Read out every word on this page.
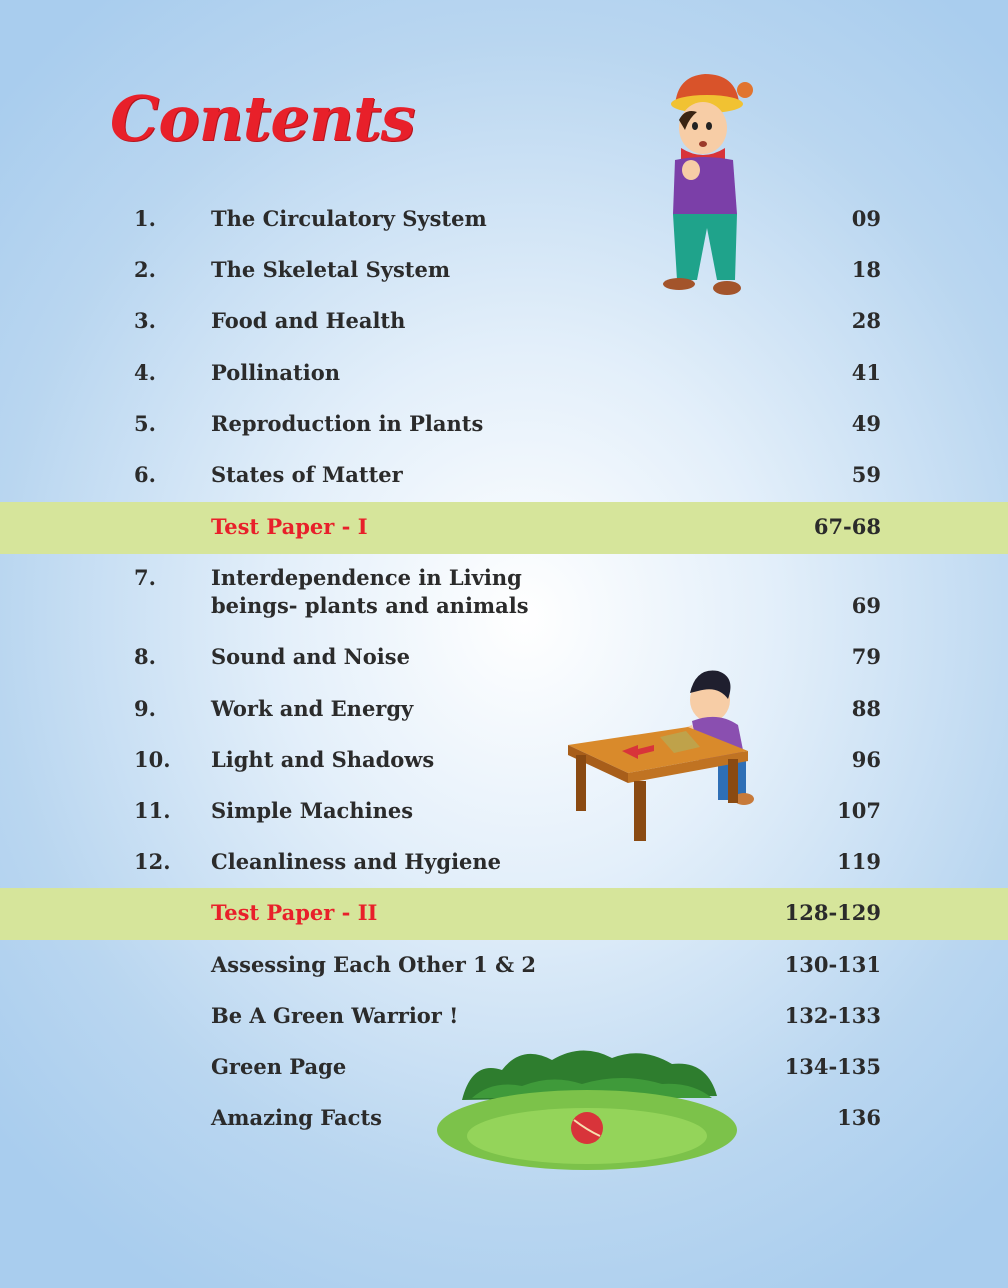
Contents
1.	The Circulatory System	09
2.	The Skeletal System	18
3.	Food and Health	28
4.	Pollination	41
5.	Reproduction in Plants	49
6.	States of Matter	59
Test Paper - I	67-68
7.	Interdependence in Living
beings- plants and animals	69
8.	Sound and Noise	79
9.	Work and Energy	88
10. Light and Shadows	96
11. Simple Machines	107
12. Cleanliness and Hygiene	119
Test Paper - II	128-129
Assessing Each Other 1 & 2	130-131
Be A Green Warrior !	132-133
Green Page	134-135
Amazing Facts	136
